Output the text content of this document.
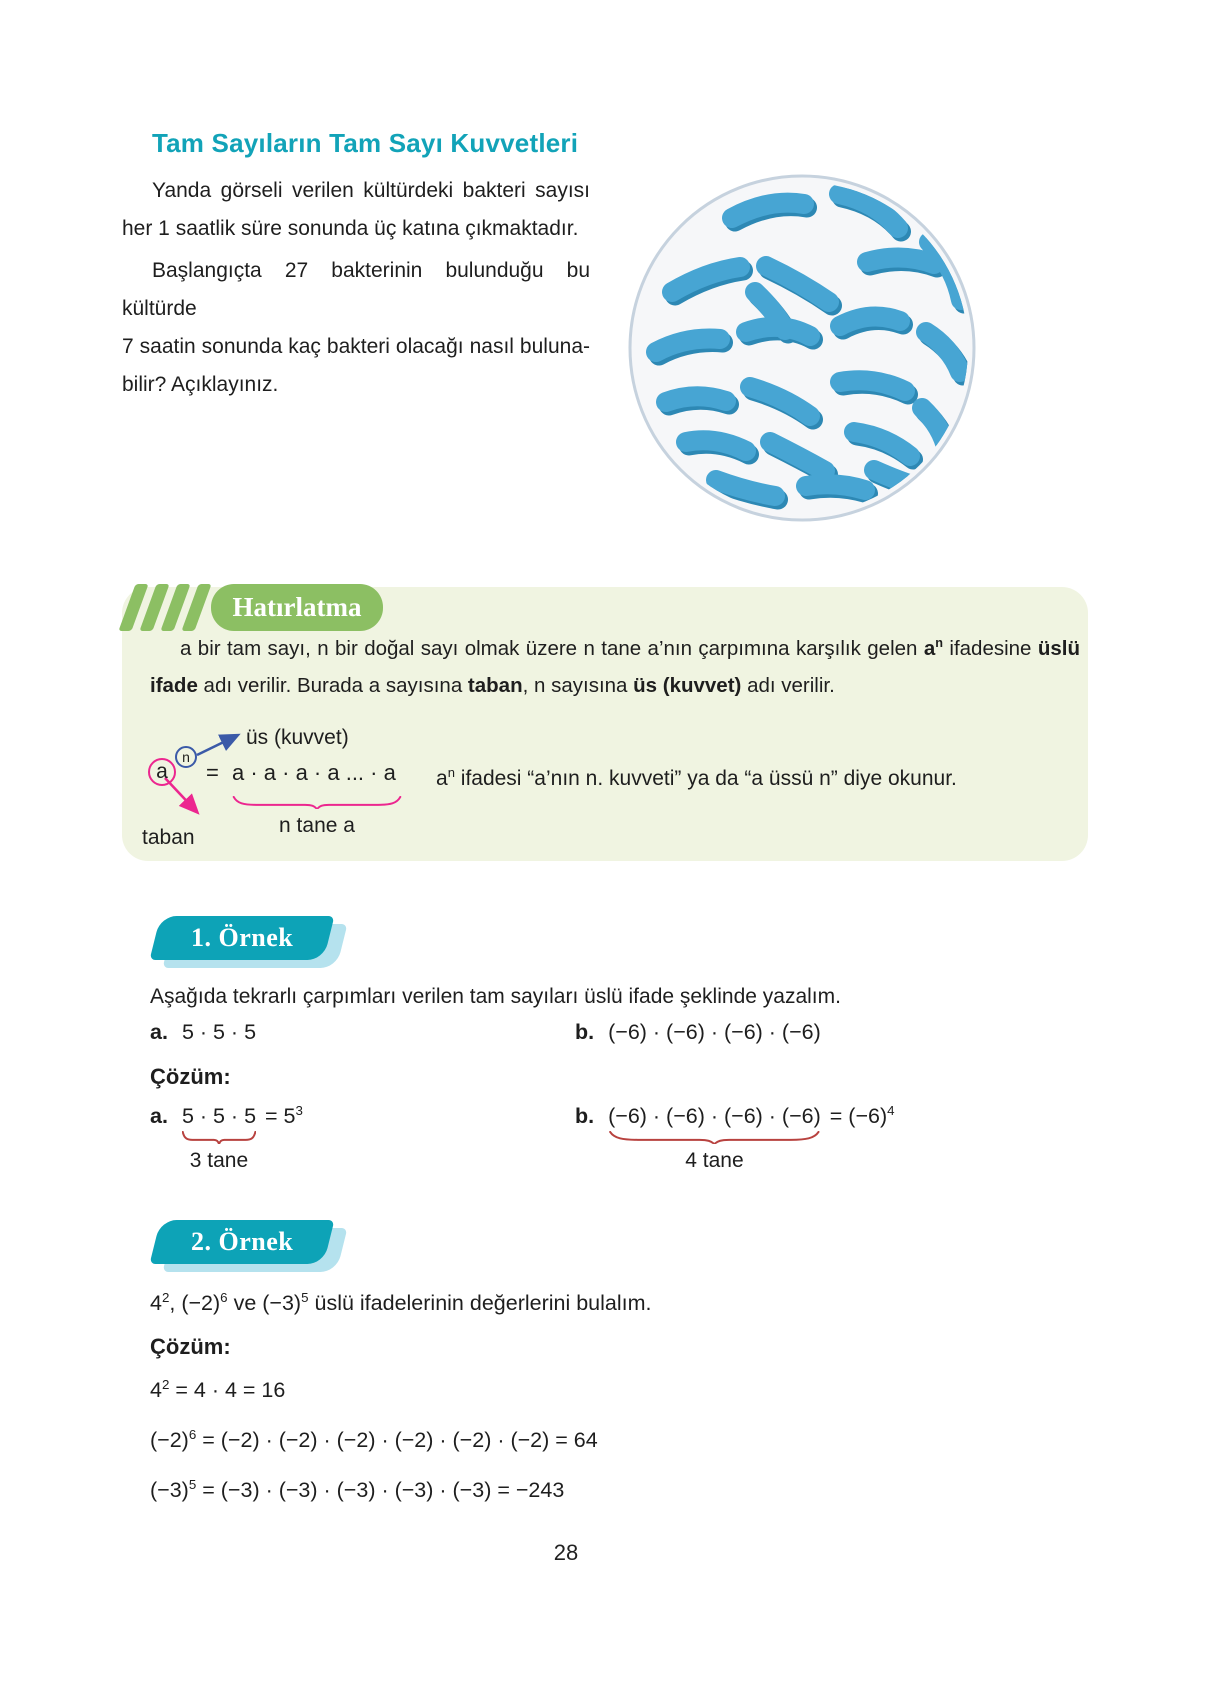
Tam Sayıların Tam Sayı Kuvvetleri
Yanda görseli verilen kültürdeki bakteri sayısı
her 1 saatlik süre sonunda üç katına çıkmaktadır.
Başlangıçta 27 bakterinin bulunduğu bu kültürde
7 saatin sonunda kaç bakteri olacağı nasıl buluna-
bilir? Açıklayınız.
Hatırlatma
a bir tam sayı, n bir doğal sayı olmak üzere n tane a’nın çarpımına karşılık gelen $a^n$ ifadesine üslü
ifade adı verilir. Burada a sayısına taban, n sayısına üs (kuvvet) adı verilir.
üs (kuvvet)
a
n
= a · a · a · a ... · a
n tane a
taban
$a^n$ ifadesi “a’nın n. kuvveti” ya da “a üssü n” diye okunur.
1. Örnek
Aşağıda tekrarlı çarpımları verilen tam sayıları üslü ifade şeklinde yazalım.
a. 5 · 5 · 5	b. (−6) · (−6) · (−6) · (−6)
Çözüm:
a. 5 · 5 · 5
3 tane
= $5^3$	b. (−6) · (−6) · (−6) · (−6)
4 tane
= $(-6)^4$
2. Örnek
$4^2$, $(-2)^6$ ve $(-3)^5$ üslü ifadelerinin değerlerini bulalım.
Çözüm:
$4^2 = 4 \cdot 4 = 16$
$(-2)^6 = (-2) \cdot (-2) \cdot (-2) \cdot (-2) \cdot (-2) \cdot (-2) = 64$
$(-3)^5 = (-3) \cdot (-3) \cdot (-3) \cdot (-3) \cdot (-3) = -243$
28
